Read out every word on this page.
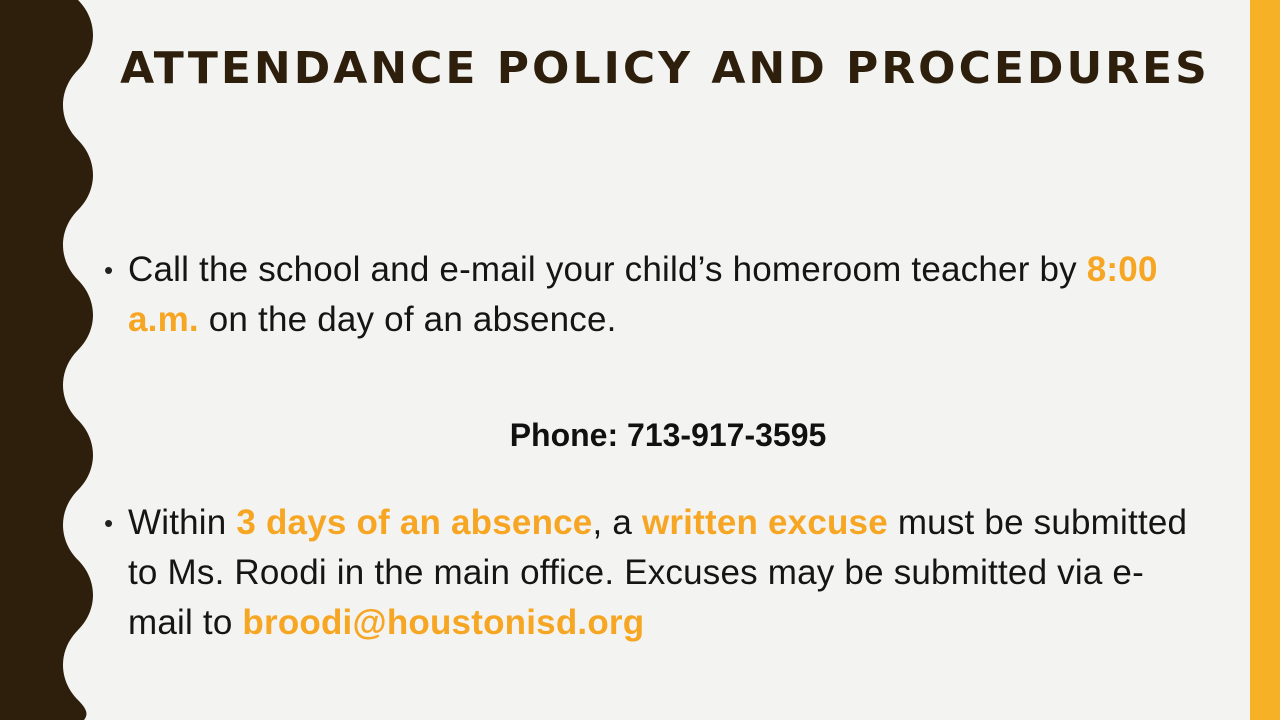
ATTENDANCE POLICY AND PROCEDURES
• Call the school and e-mail your child’s homeroom teacher by 8:00 a.m. on the day of an absence.
Phone: 713-917-3595
• Within 3 days of an absence, a written excuse must be submitted to Ms. Roodi in the main office. Excuses may be submitted via e-mail to broodi@houstonisd.org
